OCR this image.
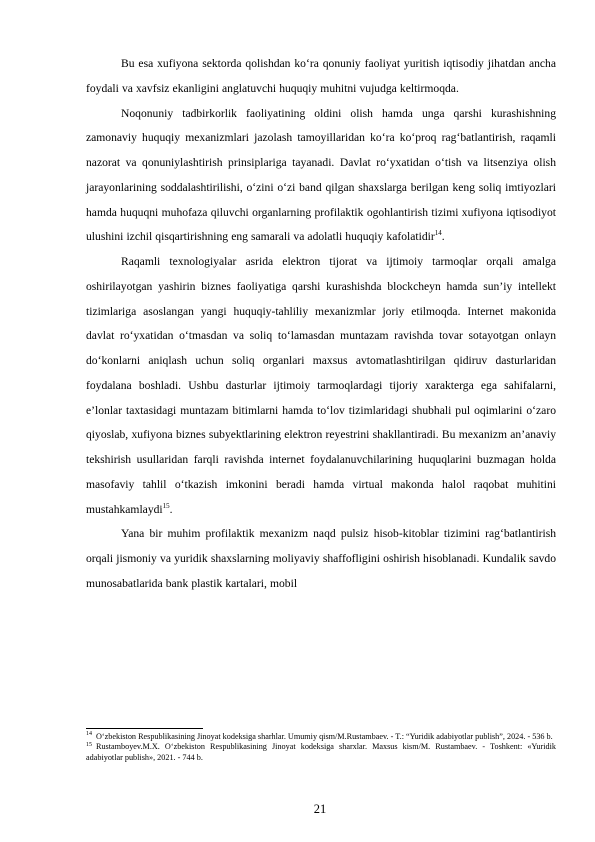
Bu esa xufiyona sektorda qolishdan ko‘ra qonuniy faoliyat yuritish iqtisodiy jihatdan ancha foydali va xavfsiz ekanligini anglatuvchi huquqiy muhitni vujudga keltirmoqda.

Noqonuniy tadbirkorlik faoliyatining oldini olish hamda unga qarshi kurashishning zamonaviy huquqiy mexanizmlari jazolash tamoyillaridan ko‘ra ko‘proq rag‘batlantirish, raqamli nazorat va qonuniylashtirish prinsiplariga tayanadi. Davlat ro‘yxatidan o‘tish va litsenziya olish jarayonlarining soddalashtirilishi, o‘zini o‘zi band qilgan shaxslarga berilgan keng soliq imtiyozlari hamda huquqni muhofaza qiluvchi organlarning profilaktik ogohlantirish tizimi xufiyona iqtisodiyot ulushini izchil qisqartirishning eng samarali va adolatli huquqiy kafolatidir$^{14}$.

Raqamli texnologiyalar asrida elektron tijorat va ijtimoiy tarmoqlar orqali amalga oshirilayotgan yashirin biznes faoliyatiga qarshi kurashishda blockcheyn hamda sun’iy intellekt tizimlariga asoslangan yangi huquqiy-tahliliy mexanizmlar joriy etilmoqda. Internet makonida davlat ro‘yxatidan o‘tmasdan va soliq to‘lamasdan muntazam ravishda tovar sotayotgan onlayn do‘konlarni aniqlash uchun soliq organlari maxsus avtomatlashtirilgan qidiruv dasturlaridan foydalana boshladi. Ushbu dasturlar ijtimoiy tarmoqlardagi tijoriy xarakterga ega sahifalarni, e’lonlar taxtasidagi muntazam bitimlarni hamda to‘lov tizimlaridagi shubhali pul oqimlarini o‘zaro qiyoslab, xufiyona biznes subyektlarining elektron reyestrini shakllantiradi. Bu mexanizm an’anaviy tekshirish usullaridan farqli ravishda internet foydalanuvchilarining huquqlarini buzmagan holda masofaviy tahlil o‘tkazish imkonini beradi hamda virtual makonda halol raqobat muhitini mustahkamlaydi$^{15}$.

Yana bir muhim profilaktik mexanizm naqd pulsiz hisob-kitoblar tizimini rag‘batlantirish orqali jismoniy va yuridik shaxslarning moliyaviy shaffofligini oshirish hisoblanadi. Kundalik savdo munosabatlarida bank plastik kartalari, mobil

$^{14}$ O‘zbekiston Respublikasining Jinoyat kodeksiga sharhlar. Umumiy qism/M.Rustambaev. - T.: “Yuridik adabiyotlar publish”, 2024. - 536 b.

$^{15}$ Rustamboyev.M.X. O‘zbekiston Respublikasining Jinoyat kodeksiga sharxlar. Maxsus kism/M. Rustambaev. - Toshkent: «Yuridik adabiyotlar publish», 2021. - 744 b.

21
